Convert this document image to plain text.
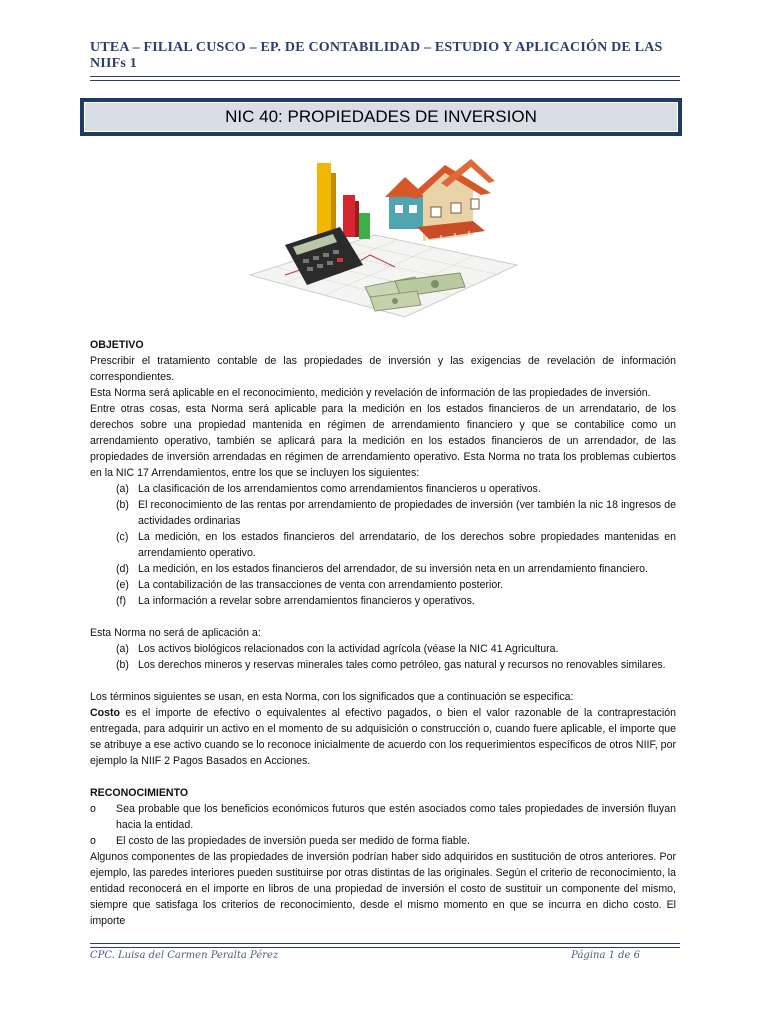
UTEA – FILIAL CUSCO – EP. DE CONTABILIDAD – ESTUDIO Y APLICACIÓN DE LAS NIIFs 1
NIC 40: PROPIEDADES DE INVERSION

OBJETIVO

Prescribir el tratamiento contable de las propiedades de inversión y las exigencias de revelación de información correspondientes.

Esta Norma será aplicable en el reconocimiento, medición y revelación de información de las propiedades de inversión.

Entre otras cosas, esta Norma será aplicable para la medición en los estados financieros de un arrendatario, de los derechos sobre una propiedad mantenida en régimen de arrendamiento financiero y que se contabilice como un arrendamiento operativo, también se aplicará para la medición en los estados financieros de un arrendador, de las propiedades de inversión arrendadas en régimen de arrendamiento operativo. Esta Norma no trata los problemas cubiertos en la NIC 17 Arrendamientos, entre los que se incluyen los siguientes:

(a) La clasificación de los arrendamientos como arrendamientos financieros u operativos.
(b) El reconocimiento de las rentas por arrendamiento de propiedades de inversión (ver también la nic 18 ingresos de actividades ordinarias
(c) La medición, en los estados financieros del arrendatario, de los derechos sobre propiedades mantenidas en arrendamiento operativo.
(d) La medición, en los estados financieros del arrendador, de su inversión neta en un arrendamiento financiero.
(e) La contabilización de las transacciones de venta con arrendamiento posterior.
(f)	La información a revelar sobre arrendamientos financieros y operativos.

Esta Norma no será de aplicación a:

(a) Los activos biológicos relacionados con la actividad agrícola (véase la NIC 41 Agricultura.
(b) Los derechos mineros y reservas minerales tales como petróleo, gas natural y recursos no renovables similares.

Los términos siguientes se usan, en esta Norma, con los significados que a continuación se especifica:

Costo es el importe de efectivo o equivalentes al efectivo pagados, o bien el valor razonable de la contraprestación entregada, para adquirir un activo en el momento de su adquisición o construcción o, cuando fuere aplicable, el importe que se atribuye a ese activo cuando se lo reconoce inicialmente de acuerdo con los requerimientos específicos de otros NIIF, por ejemplo la NIIF 2 Pagos Basados en Acciones.

RECONOCIMIENTO

o	Sea probable que los beneficios económicos futuros que estén asociados como tales propiedades de inversión fluyan hacia la entidad.
o	El costo de las propiedades de inversión pueda ser medido de forma fiable.

Algunos componentes de las propiedades de inversión podrían haber sido adquiridos en sustitución de otros anteriores. Por ejemplo, las paredes interiores pueden sustituirse por otras distintas de las originales. Según el criterio de reconocimiento, la entidad reconocerá en el importe en libros de una propiedad de inversión el costo de sustituir un componente del mismo, siempre que satisfaga los criterios de reconocimiento, desde el mismo momento en que se incurra en dicho costo. El importe

CPC. Luisa del Carmen Peralta Pérez	Página 1 de 6
